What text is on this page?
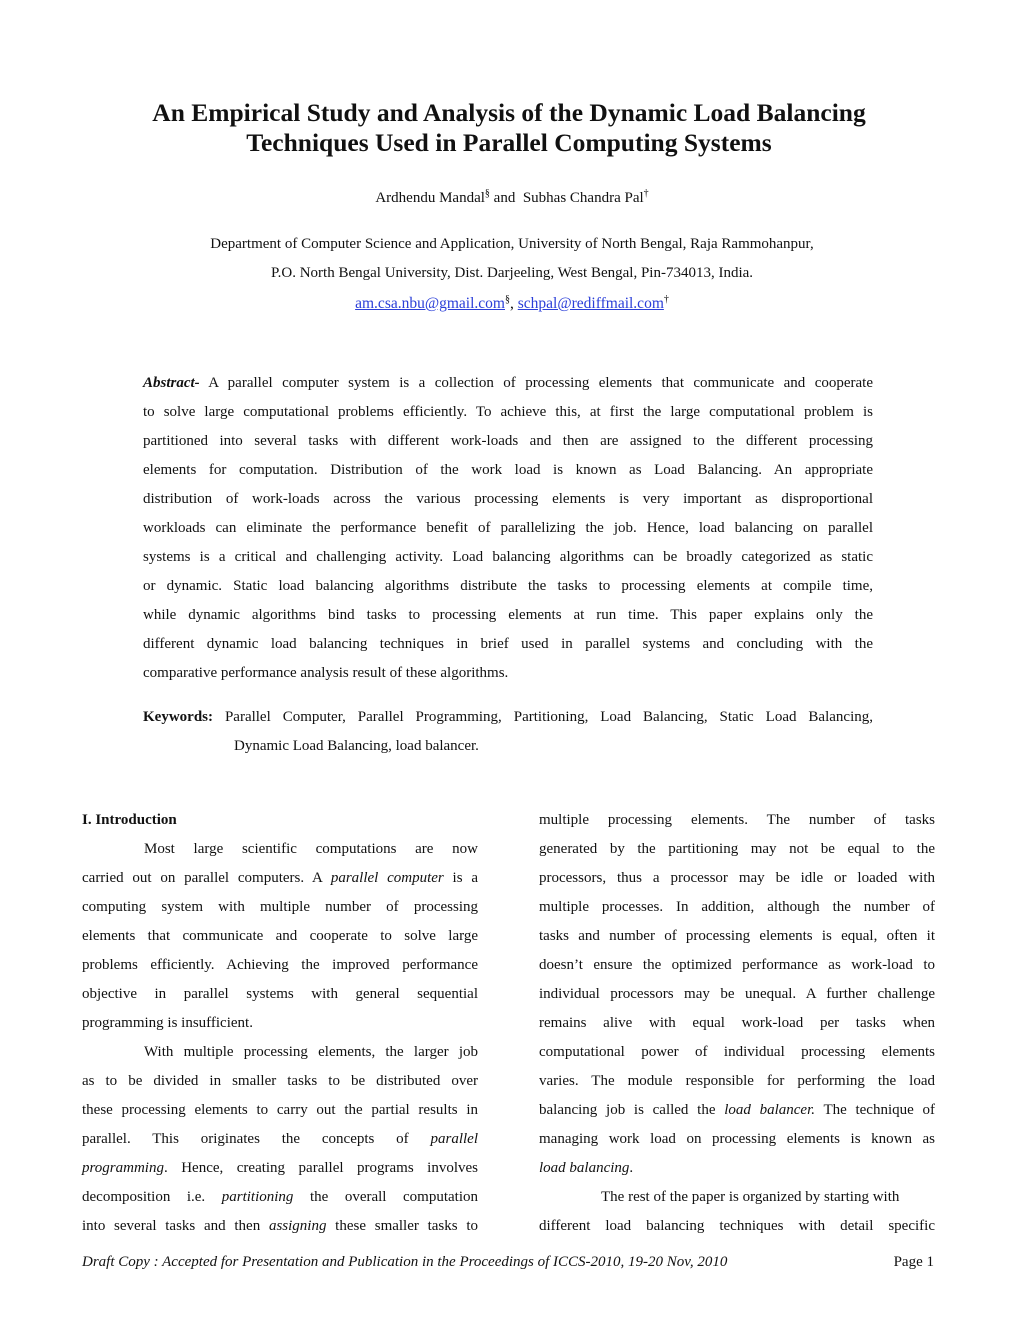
An Empirical Study and Analysis of the Dynamic Load Balancing
Techniques Used in Parallel Computing Systems
Ardhendu Mandal§ and  Subhas Chandra Pal†
Department of Computer Science and Application, University of North Bengal, Raja Rammohanpur,
P.O. North Bengal University, Dist. Darjeeling, West Bengal, Pin-734013, India.
am.csa.nbu@gmail.com§, schpal@rediffmail.com†
Abstract- A parallel computer system is a collection of processing elements that communicate and cooperate
to solve large computational problems efficiently. To achieve this, at first the large computational problem is
partitioned into several tasks with different work-loads and then are assigned to the different processing
elements for computation. Distribution of the work load is known as Load Balancing. An appropriate
distribution of work-loads across the various processing elements is very important as disproportional
workloads can eliminate the performance benefit of parallelizing the job. Hence, load balancing on parallel
systems is a critical and challenging activity. Load balancing algorithms can be broadly categorized as static
or dynamic. Static load balancing algorithms distribute the tasks to processing elements at compile time,
while dynamic algorithms bind tasks to processing elements at run time. This paper explains only the
different dynamic load balancing techniques in brief used in parallel systems and concluding with the
comparative performance analysis result of these algorithms.
Keywords: Parallel Computer, Parallel Programming, Partitioning, Load Balancing, Static Load Balancing,
Dynamic Load Balancing, load balancer.
I. Introduction
Most large scientific computations are now
carried out on parallel computers. A parallel computer is a
computing system with multiple number of processing
elements that communicate and cooperate to solve large
problems efficiently. Achieving the improved performance
objective in parallel systems with general sequential
programming is insufficient.
With multiple processing elements, the larger job
as to be divided in smaller tasks to be distributed over
these processing elements to carry out the partial results in
parallel. This originates the concepts of parallel
programming. Hence, creating parallel programs involves
decomposition i.e. partitioning the overall computation
into several tasks and then assigning these smaller tasks to
multiple processing elements. The number of tasks
generated by the partitioning may not be equal to the
processors, thus a processor may be idle or loaded with
multiple processes. In addition, although the number of
tasks and number of processing elements is equal, often it
doesn’t ensure the optimized performance as work-load to
individual processors may be unequal. A further challenge
remains alive with equal work-load per tasks when
computational power of individual processing elements
varies. The module responsible for performing the load
balancing job is called the load balancer. The technique of
managing work load on processing elements is known as
load balancing.
The rest of the paper is organized by starting with
different load balancing techniques with detail specific
Draft Copy : Accepted for Presentation and Publication in the Proceedings of ICCS-2010, 19-20 Nov, 2010	Page 1
